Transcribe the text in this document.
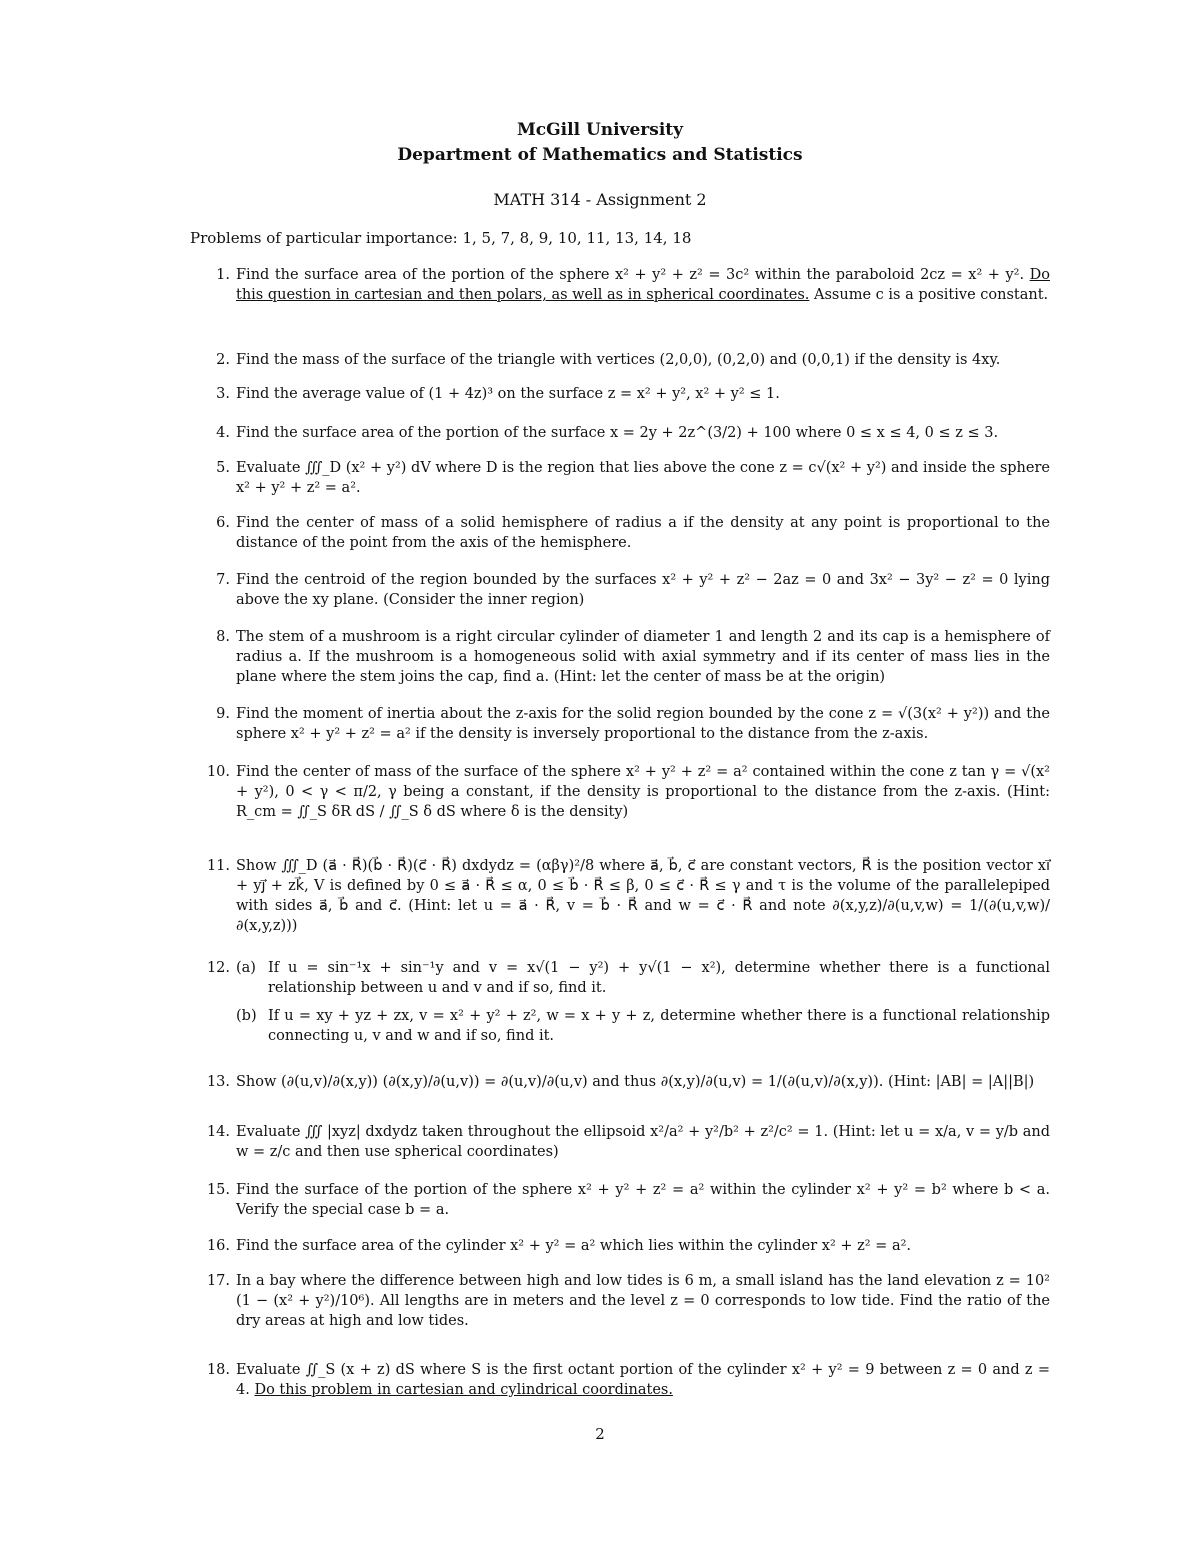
McGill University
Department of Mathematics and Statistics
MATH 314 - Assignment 2
Problems of particular importance: 1, 5, 7, 8, 9, 10, 11, 13, 14, 18
1. Find the surface area of the portion of the sphere x² + y² + z² = 3c² within the paraboloid 2cz = x² + y². Do this question in cartesian and then polars, as well as in spherical coordinates. Assume c is a positive constant.
2. Find the mass of the surface of the triangle with vertices (2,0,0), (0,2,0) and (0,0,1) if the density is 4xy.
3. Find the average value of (1 + 4z)³ on the surface z = x² + y², x² + y² ≤ 1.
4. Find the surface area of the portion of the surface x = 2y + 2z^(3/2) + 100 where 0 ≤ x ≤ 4, 0 ≤ z ≤ 3.
5. Evaluate ∭_D (x² + y²) dV where D is the region that lies above the cone z = c√(x² + y²) and inside the sphere x² + y² + z² = a².
6. Find the center of mass of a solid hemisphere of radius a if the density at any point is proportional to the distance of the point from the axis of the hemisphere.
7. Find the centroid of the region bounded by the surfaces x² + y² + z² − 2az = 0 and 3x² − 3y² − z² = 0 lying above the xy plane. (Consider the inner region)
8. The stem of a mushroom is a right circular cylinder of diameter 1 and length 2 and its cap is a hemisphere of radius a. If the mushroom is a homogeneous solid with axial symmetry and if its center of mass lies in the plane where the stem joins the cap, find a. (Hint: let the center of mass be at the origin)
9. Find the moment of inertia about the z-axis for the solid region bounded by the cone z = √(3(x² + y²)) and the sphere x² + y² + z² = a² if the density is inversely proportional to the distance from the z-axis.
10. Find the center of mass of the surface of the sphere x² + y² + z² = a² contained within the cone z tan γ = √(x² + y²), 0 < γ < π/2, γ being a constant, if the density is proportional to the distance from the z-axis. (Hint: R_cm = ∬_S δR dS / ∬_S δ dS where δ is the density)
11. Show ∭_D (a⃗ · R⃗)(b⃗ · R⃗)(c⃗ · R⃗) dxdydz = (αβγ)²/8 where a⃗, b⃗, c⃗ are constant vectors, R⃗ is the position vector xi⃗ + yj⃗ + zk⃗, V is defined by 0 ≤ a⃗ · R⃗ ≤ α, 0 ≤ b⃗ · R⃗ ≤ β, 0 ≤ c⃗ · R⃗ ≤ γ and τ is the volume of the parallelepiped with sides a⃗, b⃗ and c⃗. (Hint: let u = a⃗ · R⃗, v = b⃗ · R⃗ and w = c⃗ · R⃗ and note ∂(x,y,z)/∂(u,v,w) = 1/(∂(u,v,w)/∂(x,y,z)))
12. (a) If u = sin⁻¹x + sin⁻¹y and v = x√(1 − y²) + y√(1 − x²), determine whether there is a functional relationship between u and v and if so, find it.
(b) If u = xy + yz + zx, v = x² + y² + z², w = x + y + z, determine whether there is a functional relationship connecting u, v and w and if so, find it.
13. Show (∂(u,v)/∂(x,y)) (∂(x,y)/∂(u,v)) = ∂(u,v)/∂(u,v) and thus ∂(x,y)/∂(u,v) = 1/(∂(u,v)/∂(x,y)). (Hint: |AB| = |A||B|)
14. Evaluate ∭ |xyz| dxdydz taken throughout the ellipsoid x²/a² + y²/b² + z²/c² = 1. (Hint: let u = x/a, v = y/b and w = z/c and then use spherical coordinates)
15. Find the surface of the portion of the sphere x² + y² + z² = a² within the cylinder x² + y² = b² where b < a. Verify the special case b = a.
16. Find the surface area of the cylinder x² + y² = a² which lies within the cylinder x² + z² = a².
17. In a bay where the difference between high and low tides is 6 m, a small island has the land elevation z = 10² (1 − (x² + y²)/10⁶). All lengths are in meters and the level z = 0 corresponds to low tide. Find the ratio of the dry areas at high and low tides.
18. Evaluate ∬_S (x + z) dS where S is the first octant portion of the cylinder x² + y² = 9 between z = 0 and z = 4. Do this problem in cartesian and cylindrical coordinates.
2
